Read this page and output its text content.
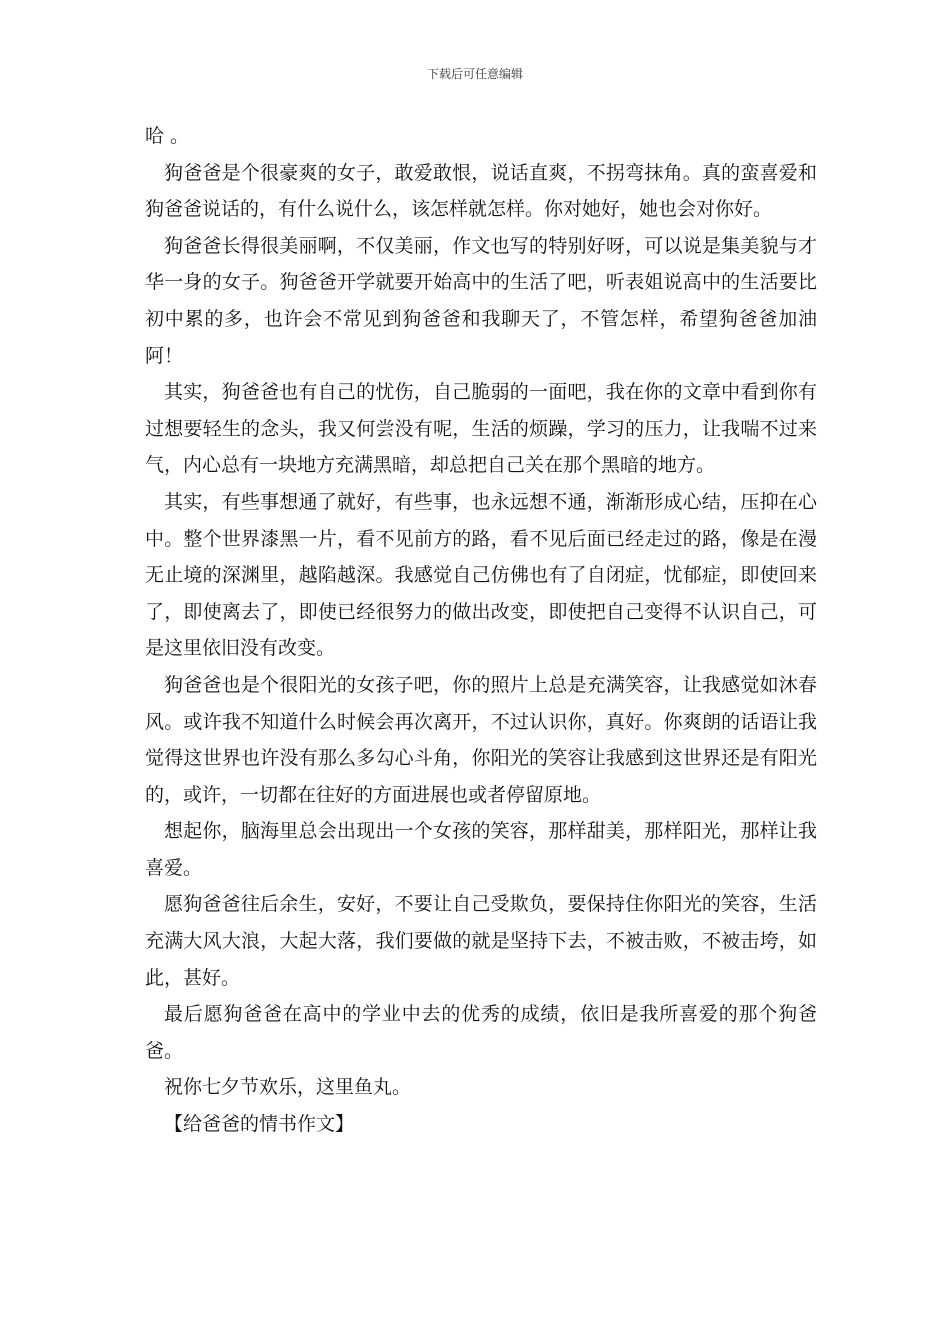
下载后可任意编辑

哈 。

狗爸爸是个很豪爽的女子，敢爱敢恨，说话直爽，不拐弯抹角。真的蛮喜爱和狗爸爸说话的，有什么说什么，该怎样就怎样。你对她好，她也会对你好。

狗爸爸长得很美丽啊，不仅美丽，作文也写的特别好呀，可以说是集美貌与才华一身的女子。狗爸爸开学就要开始高中的生活了吧，听表姐说高中的生活要比初中累的多，也许会不常见到狗爸爸和我聊天了，不管怎样，希望狗爸爸加油阿！

其实，狗爸爸也有自己的忧伤，自己脆弱的一面吧，我在你的文章中看到你有过想要轻生的念头，我又何尝没有呢，生活的烦躁，学习的压力，让我喘不过来气，内心总有一块地方充满黑暗，却总把自己关在那个黑暗的地方。

其实，有些事想通了就好，有些事，也永远想不通，渐渐形成心结，压抑在心中。整个世界漆黑一片，看不见前方的路，看不见后面已经走过的路，像是在漫无止境的深渊里，越陷越深。我感觉自己仿佛也有了自闭症，忧郁症，即使回来了，即使离去了，即使已经很努力的做出改变，即使把自己变得不认识自己，可是这里依旧没有改变。

狗爸爸也是个很阳光的女孩子吧，你的照片上总是充满笑容，让我感觉如沐春风。或许我不知道什么时候会再次离开，不过认识你，真好。你爽朗的话语让我觉得这世界也许没有那么多勾心斗角，你阳光的笑容让我感到这世界还是有阳光的，或许，一切都在往好的方面进展也或者停留原地。

想起你，脑海里总会出现出一个女孩的笑容，那样甜美，那样阳光，那样让我喜爱。

愿狗爸爸往后余生，安好，不要让自己受欺负，要保持住你阳光的笑容，生活充满大风大浪，大起大落，我们要做的就是坚持下去，不被击败，不被击垮，如此，甚好。

最后愿狗爸爸在高中的学业中去的优秀的成绩，依旧是我所喜爱的那个狗爸爸。

祝你七夕节欢乐，这里鱼丸。

【给爸爸的情书作文】
